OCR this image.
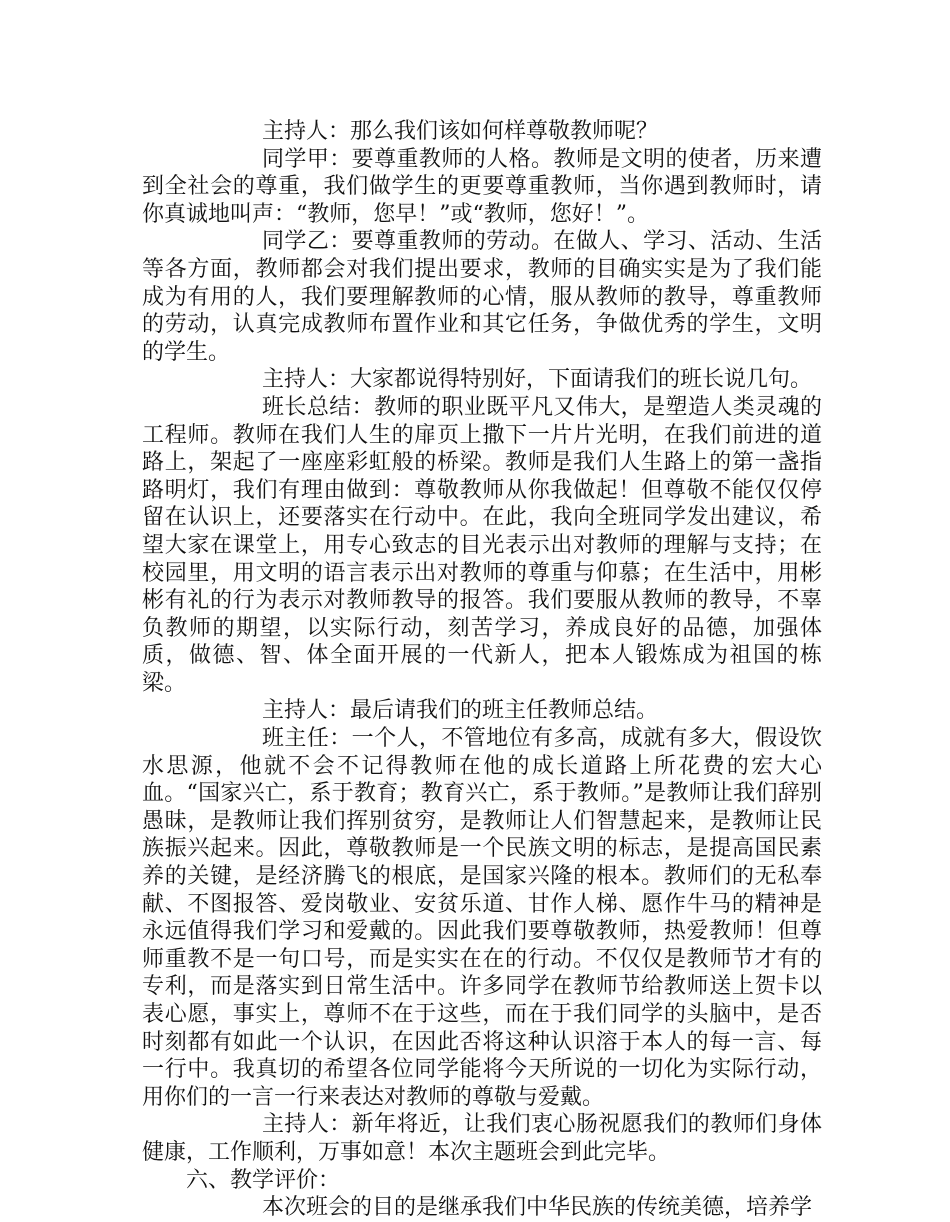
主持人：那么我们该如何样尊敬教师呢？

同学甲：要尊重教师的人格。教师是文明的使者，历来遭到全社会的尊重，我们做学生的更要尊重教师，当你遇到教师时，请你真诚地叫声：“教师，您早！”或“教师，您好！”。

同学乙：要尊重教师的劳动。在做人、学习、活动、生活等各方面，教师都会对我们提出要求，教师的目确实实是为了我们能成为有用的人，我们要理解教师的心情，服从教师的教导，尊重教师的劳动，认真完成教师布置作业和其它任务，争做优秀的学生，文明的学生。

主持人：大家都说得特别好，下面请我们的班长说几句。

班长总结：教师的职业既平凡又伟大，是塑造人类灵魂的工程师。教师在我们人生的扉页上撒下一片片光明，在我们前进的道路上，架起了一座座彩虹般的桥梁。教师是我们人生路上的第一盏指路明灯，我们有理由做到：尊敬教师从你我做起！但尊敬不能仅仅停留在认识上，还要落实在行动中。在此，我向全班同学发出建议，希望大家在课堂上，用专心致志的目光表示出对教师的理解与支持；在校园里，用文明的语言表示出对教师的尊重与仰慕；在生活中，用彬彬有礼的行为表示对教师教导的报答。我们要服从教师的教导，不辜负教师的期望，以实际行动，刻苦学习，养成良好的品德，加强体质，做德、智、体全面开展的一代新人，把本人锻炼成为祖国的栋梁。

主持人：最后请我们的班主任教师总结。

班主任：一个人，不管地位有多高，成就有多大，假设饮水思源，他就不会不记得教师在他的成长道路上所花费的宏大心血。“国家兴亡，系于教育；教育兴亡，系于教师。”是教师让我们辞别愚昧，是教师让我们挥别贫穷，是教师让人们智慧起来，是教师让民族振兴起来。因此，尊敬教师是一个民族文明的标志，是提高国民素养的关键，是经济腾飞的根底，是国家兴隆的根本。教师们的无私奉献、不图报答、爱岗敬业、安贫乐道、甘作人梯、愿作牛马的精神是永远值得我们学习和爱戴的。因此我们要尊敬教师，热爱教师！但尊师重教不是一句口号，而是实实在在的行动。不仅仅是教师节才有的专利，而是落实到日常生活中。许多同学在教师节给教师送上贺卡以表心愿，事实上，尊师不在于这些，而在于我们同学的头脑中，是否时刻都有如此一个认识，在因此否将这种认识溶于本人的每一言、每一行中。我真切的希望各位同学能将今天所说的一切化为实际行动，用你们的一言一行来表达对教师的尊敬与爱戴。

主持人：新年将近，让我们衷心肠祝愿我们的教师们身体健康，工作顺利，万事如意！本次主题班会到此完毕。

六、教学评价：

本次班会的目的是继承我们中华民族的传统美德，培养学
